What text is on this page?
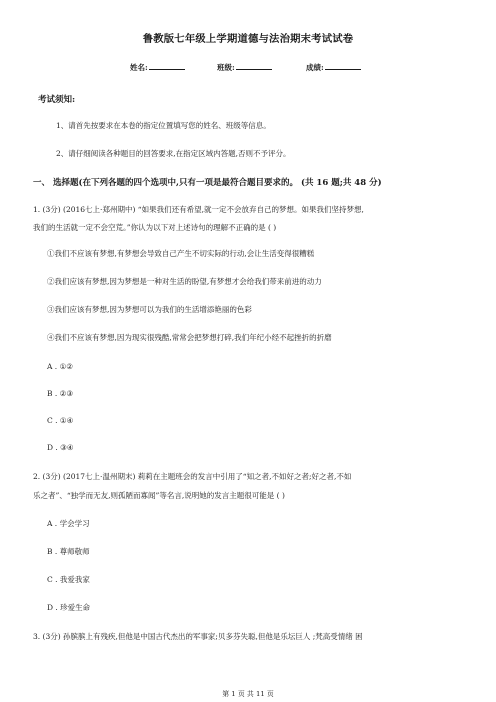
鲁教版七年级上学期道德与法治期末考试试卷
姓名:	班级:	成绩:
考试须知:
1、请首先按要求在本卷的指定位置填写您的姓名、班级等信息。
2、请仔细阅读各种题目的回答要求,在指定区域内答题,否则不予评分。
一、 选择题(在下列各题的四个选项中,只有一项是最符合题目要求的。 (共 16 题;共 48 分)
1. (3分) (2016七上·郑州期中) “如果我们还有希望,就一定不会放弃自己的梦想。如果我们坚持梦想,
我们的生活就一定不会空荒。”你认为以下对上述诗句的理解不正确的是 ( )
①我们不应该有梦想,有梦想会导致自己产生不切实际的行动,会让生活变得很糟糕
②我们应该有梦想,因为梦想是一种对生活的盼望,有梦想才会给我们带来前进的动力
③我们应该有梦想,因为梦想可以为我们的生活增添艳丽的色彩
④我们不应该有梦想,因为现实很残酷,常常会把梦想打碎,我们年纪小经不起挫折的折磨
A . ①②
B . ②③
C . ①④
D . ③④
2. (3分) (2017七上·温州期末) 莉莉在主题班会的发言中引用了“知之者,不如好之者;好之者,不如
乐之者”、“独学而无友,则孤陋而寡闻”等名言,说明她的发言主题很可能是 ( )
A . 学会学习
B . 尊师敬师
C . 我爱我家
D . 珍爱生命
3. (3分) 孙膑膑上有残疾,但他是中国古代杰出的军事家;贝多芬失聪,但他是乐坛巨人 ;梵高受情绪 困
第 1 页 共 11 页
